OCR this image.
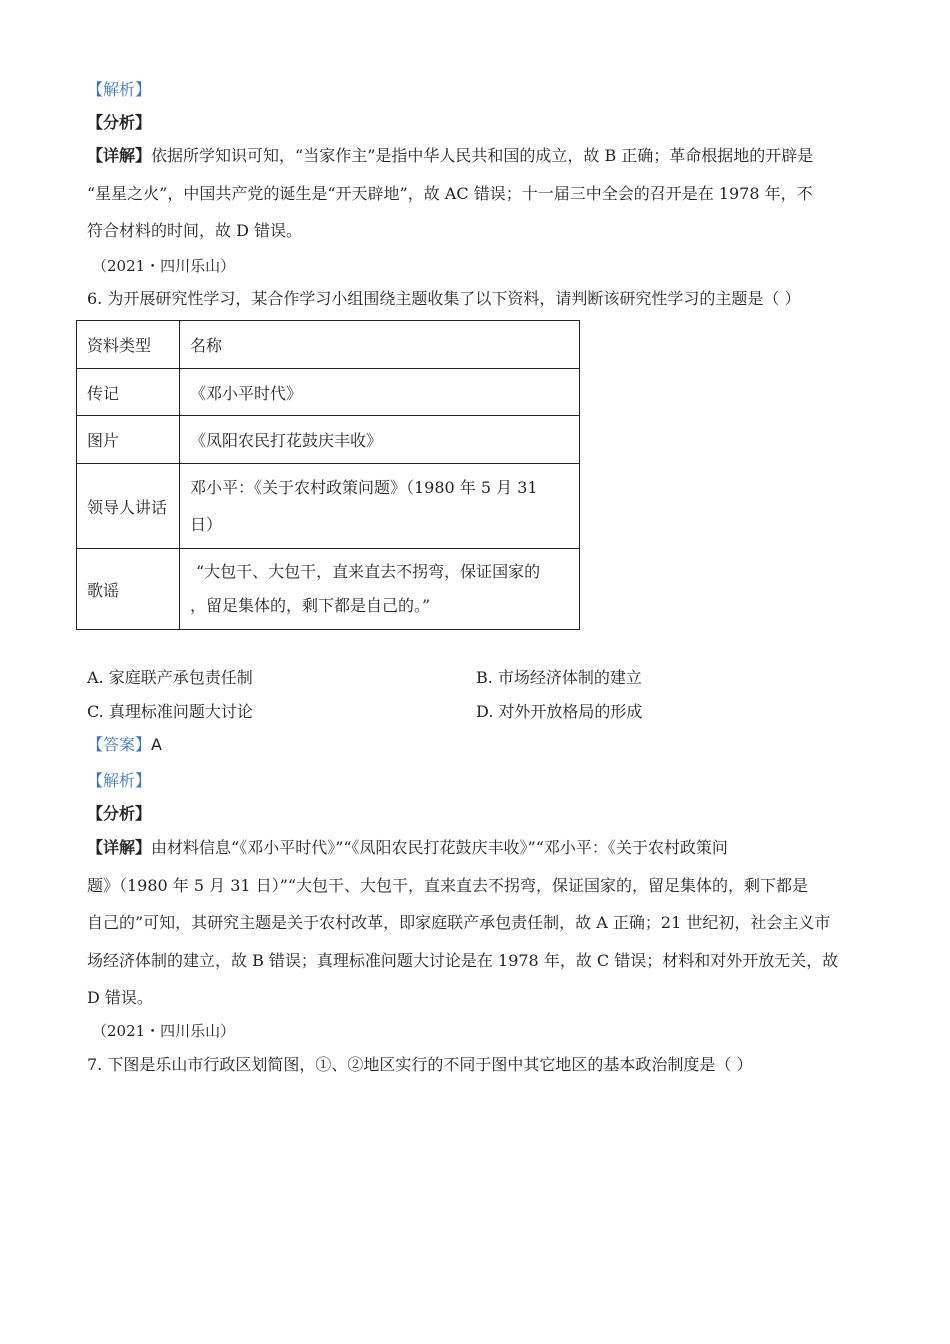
【解析】
【分析】
【详解】依据所学知识可知，“当家作主”是指中华人民共和国的成立，故 B 正确；革命根据地的开辟是
“星星之火”，中国共产党的诞生是“开天辟地”，故 AC 错误；十一届三中全会的召开是在 1978 年，不
符合材料的时间，故 D 错误。
（2021・四川乐山）
6. 为开展研究性学习，某合作学习小组围绕主题收集了以下资料，请判断该研究性学习的主题是（ ）
资料类型	名称
传记	《邓小平时代》
图片	《凤阳农民打花鼓庆丰收》
领导人讲话	邓小平：《关于农村政策问题》（1980 年 5 月 31
日）

歌谣	“大包干、大包干，直来直去不拐弯，保证国家的
，留足集体的，剩下都是自己的。”
A. 家庭联产承包责任制	B. 市场经济体制的建立
C. 真理标准问题大讨论	D. 对外开放格局的形成
【答案】A
【解析】
【分析】
【详解】由材料信息“《邓小平时代》”“《凤阳农民打花鼓庆丰收》”“邓小平：《关于农村政策问
题》（1980 年 5 月 31 日）”“大包干、大包干，直来直去不拐弯，保证国家的，留足集体的，剩下都是
自己的”可知，其研究主题是关于农村改革，即家庭联产承包责任制，故 A 正确；21 世纪初，社会主义市
场经济体制的建立，故 B 错误；真理标准问题大讨论是在 1978 年，故 C 错误；材料和对外开放无关，故
D 错误。
（2021・四川乐山）
7. 下图是乐山市行政区划简图，①、②地区实行的不同于图中其它地区的基本政治制度是（ ）
